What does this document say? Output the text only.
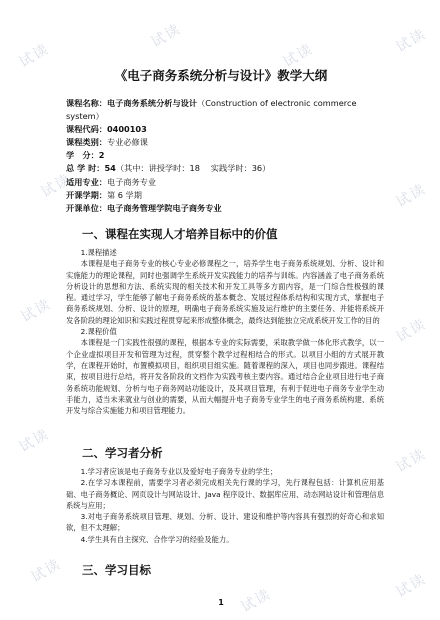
试读
试读
试读
试读
试读	试读
试读
试读
试读
试读
试读
试读
试读
《电子商务系统分析与设计》教学大纲
课程名称：电子商务系统分析与设计（Construction of electronic commerce system）
课程代码：0400103
课程类别：专业必修课
学　分：2
总 学 时：54（其中：讲授学时：18　 实践学时：36）
适用专业：电子商务专业
开课学期：第 6 学期
开课单位：电子商务管理学院电子商务专业
一、课程在实现人才培养目标中的价值

1.课程描述

本课程是电子商务专业的核心专业必修课程之一，培养学生电子商务系统规划、分析、设计和实施能力的理论课程，同时也强调学生系统开发实践能力的培养与训练。内容涵盖了电子商务系统分析设计的思想和方法、系统实现的相关技术和开发工具等多方面内容，是一门综合性极强的课程。通过学习，学生能够了解电子商务系统的基本概念、发展过程体系结构和实现方式，掌握电子商务系统规划、分析、设计的原理，明确电子商务系统实施及运行维护的主要任务、并能将系统开发各阶段的理论知识和实践过程贯穿起来形成整体概念，最终达到能独立完成系统开发工作的目的

2.课程价值

本课程是一门实践性很强的课程，根据本专业的实际需要，采取教学做一体化形式教学，以一个企业虚拟项目开发和管理为过程，贯穿整个教学过程相结合的形式。以项目小组的方式展开教学，在课程开始时，布置模拟项目，组织项目组实施。随着课程的深入，项目也同步跟进。课程结束，按项目进行总结，将开发各阶段的文档作为实践考核主要内容。通过结合企业项目进行电子商务系统功能规划、分析与电子商务网站功能设计，及其项目管理，有利于促进电子商务专业学生动手能力，适当未来就业与创业的需要，从而大幅提升电子商务专业学生的电子商务系统构建、系统开发与综合实施能力和项目管理能力。

二、学习者分析

1.学习者应该是电子商务专业以及爱好电子商务专业的学生；

2.在学习本课程前，需要学习者必须完成相关先行课的学习，先行课程包括：计算机应用基础、电子商务概论、网页设计与网站设计、Java 程序设计、数据库应用、动态网站设计和管理信息系统与应用；

3.对电子商务系统项目管理、规划、分析、设计、建设和维护等内容具有强烈的好奇心和求知欲，但不太理解；

4.学生具有自主探究、合作学习的经验及能力。

三、学习目标
1
